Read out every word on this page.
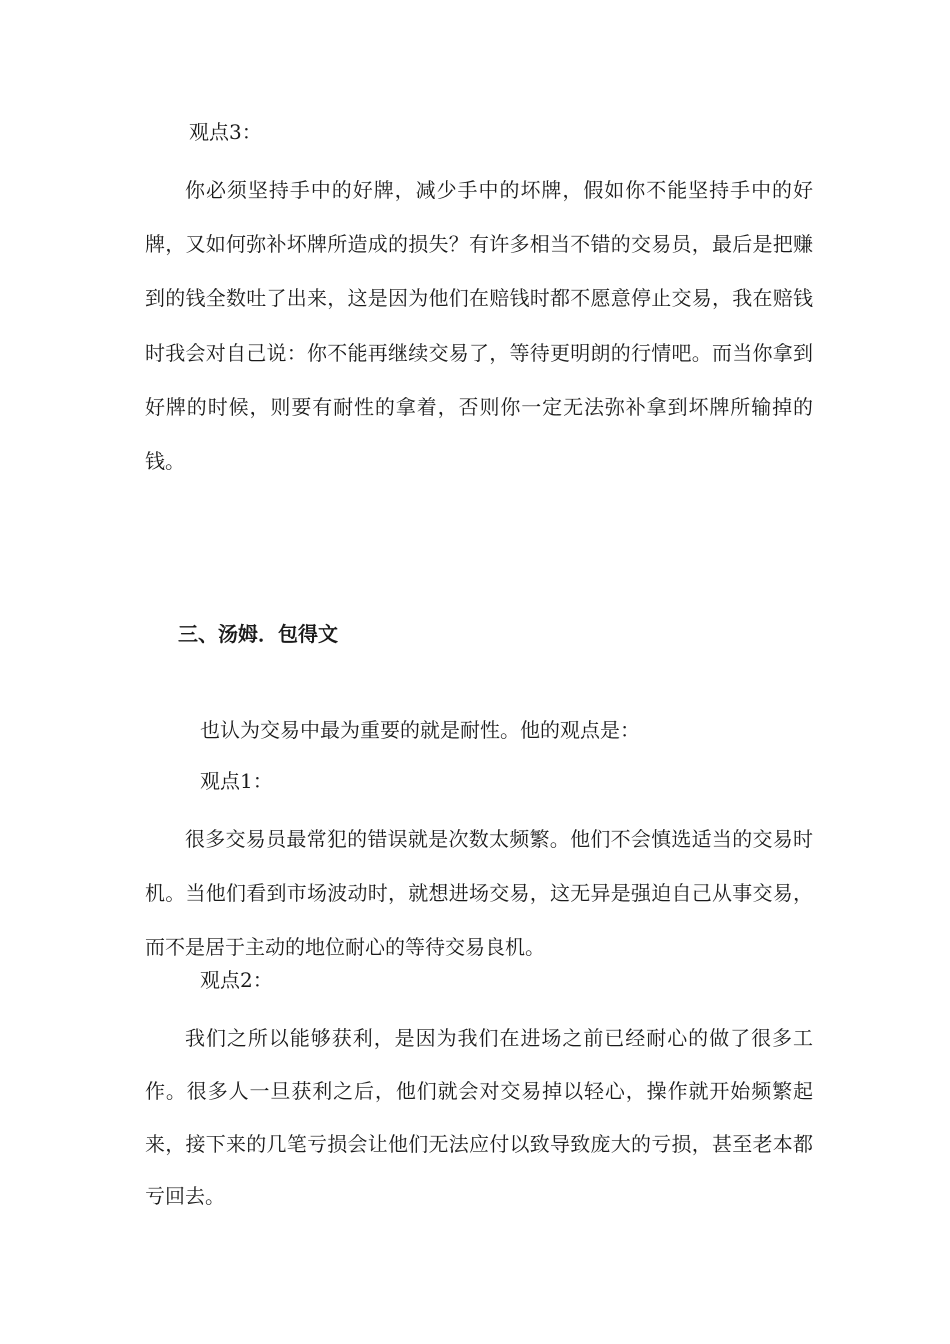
观点3：

你必须坚持手中的好牌，减少手中的坏牌，假如你不能坚持手中的好牌，又如何弥补坏牌所造成的损失？有许多相当不错的交易员，最后是把赚到的钱全数吐了出来，这是因为他们在赔钱时都不愿意停止交易，我在赔钱时我会对自己说：你不能再继续交易了，等待更明朗的行情吧。而当你拿到好牌的时候，则要有耐性的拿着，否则你一定无法弥补拿到坏牌所输掉的钱。

三、汤姆．包得文
也认为交易中最为重要的就是耐性。他的观点是：
观点1：

很多交易员最常犯的错误就是次数太频繁。他们不会慎选适当的交易时机。当他们看到市场波动时，就想进场交易，这无异是强迫自己从事交易，而不是居于主动的地位耐心的等待交易良机。

观点2：

我们之所以能够获利，是因为我们在进场之前已经耐心的做了很多工作。很多人一旦获利之后，他们就会对交易掉以轻心，操作就开始频繁起来，接下来的几笔亏损会让他们无法应付以致导致庞大的亏损，甚至老本都亏回去。
